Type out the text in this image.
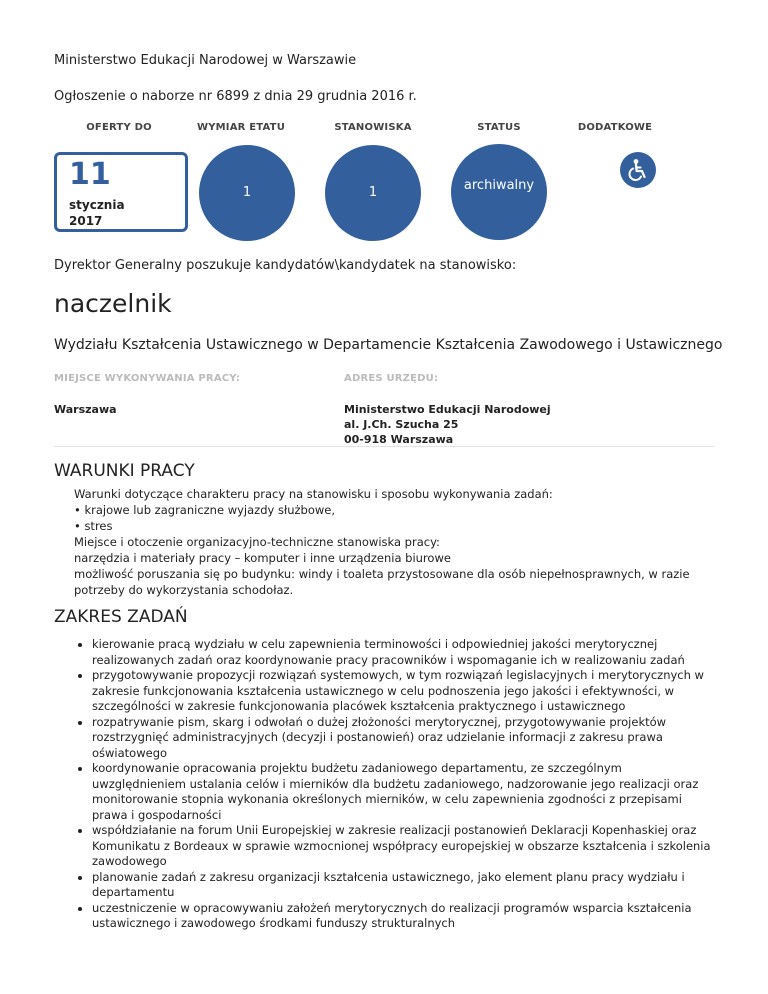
Ministerstwo Edukacji Narodowej w Warszawie
Ogłoszenie o naborze nr 6899 z dnia 29 grudnia 2016 r.
OFERTY DO	WYMIAR ETATU	STANOWISKA	STATUS	DODATKOWE
11
stycznia
2017
1	1	archiwalny
Dyrektor Generalny poszukuje kandydatów\kandydatek na stanowisko:
naczelnik
Wydziału Kształcenia Ustawicznego w Departamencie Kształcenia Zawodowego i Ustawicznego
MIEJSCE WYKONYWANIA PRACY:	ADRES URZĘDU:
Warszawa	Ministerstwo Edukacji Narodowej
al. J.Ch. Szucha 25
00-918 Warszawa
WARUNKI PRACY
Warunki dotyczące charakteru pracy na stanowisku i sposobu wykonywania zadań:
• krajowe lub zagraniczne wyjazdy służbowe,
• stres
Miejsce i otoczenie organizacyjno-techniczne stanowiska pracy:
narzędzia i materiały pracy – komputer i inne urządzenia biurowe
możliwość poruszania się po budynku: windy i toaleta przystosowane dla osób niepełnosprawnych, w razie
potrzeby do wykorzystania schodołaz.
ZAKRES ZADAŃ
• kierowanie pracą wydziału w celu zapewnienia terminowości i odpowiedniej jakości merytorycznej realizowanych zadań oraz koordynowanie pracy pracowników i wspomaganie ich w realizowaniu zadań
• przygotowywanie propozycji rozwiązań systemowych, w tym rozwiązań legislacyjnych i merytorycznych w zakresie funkcjonowania kształcenia ustawicznego w celu podnoszenia jego jakości i efektywności, w szczególności w zakresie funkcjonowania placówek kształcenia praktycznego i ustawicznego
• rozpatrywanie pism, skarg i odwołań o dużej złożoności merytorycznej, przygotowywanie projektów rozstrzygnięć administracyjnych (decyzji i postanowień) oraz udzielanie informacji z zakresu prawa oświatowego
• koordynowanie opracowania projektu budżetu zadaniowego departamentu, ze szczególnym uwzględnieniem ustalania celów i mierników dla budżetu zadaniowego, nadzorowanie jego realizacji oraz monitorowanie stopnia wykonania określonych mierników, w celu zapewnienia zgodności z przepisami prawa i gospodarności
• współdziałanie na forum Unii Europejskiej w zakresie realizacji postanowień Deklaracji Kopenhaskiej oraz Komunikatu z Bordeaux w sprawie wzmocnionej współpracy europejskiej w obszarze kształcenia i szkolenia zawodowego
• planowanie zadań z zakresu organizacji kształcenia ustawicznego, jako element planu pracy wydziału i departamentu
• uczestniczenie w opracowywaniu założeń merytorycznych do realizacji programów wsparcia kształcenia ustawicznego i zawodowego środkami funduszy strukturalnych
